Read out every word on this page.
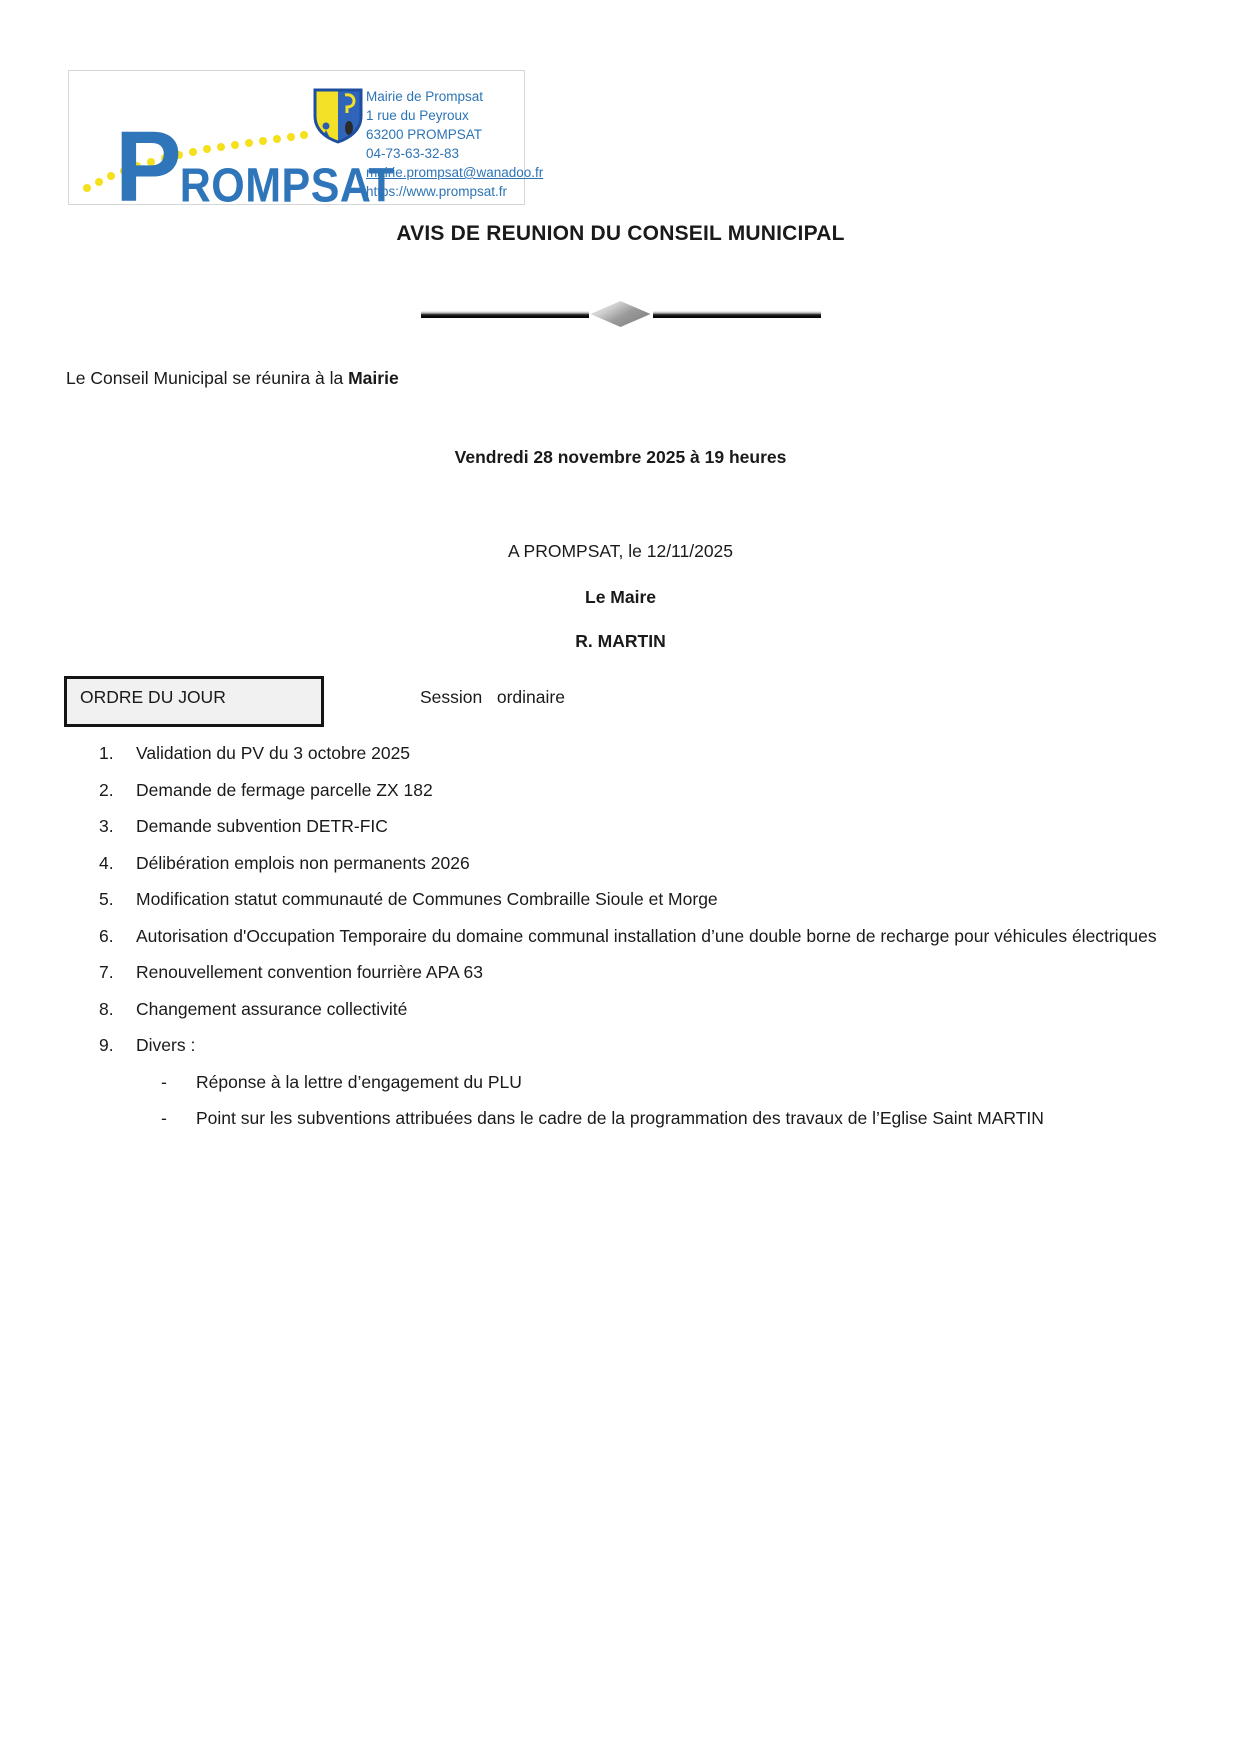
P ROMPSAT
Mairie de Prompsat
1 rue du Peyroux
63200 PROMPSAT
04-73-63-32-83
mairie.prompsat@wanadoo.fr
https://www.prompsat.fr
AVIS DE REUNION DU CONSEIL MUNICIPAL
Le Conseil Municipal se réunira à la Mairie
Vendredi 28 novembre 2025 à 19 heures
A PROMPSAT, le 12/11/2025
Le Maire
R. MARTIN
ORDRE DU JOUR	Session   ordinaire
1.	Validation du PV du 3 octobre 2025
2.	Demande de fermage parcelle ZX 182
3.	Demande subvention DETR-FIC
4.	Délibération emplois non permanents 2026
5.	Modification statut communauté de Communes Combraille Sioule et Morge
6.	Autorisation d'Occupation Temporaire du domaine communal installation d’une double borne de recharge pour véhicules électriques
7.	Renouvellement convention fourrière APA 63
8.	Changement assurance collectivité
9.	Divers :
-	Réponse à la lettre d’engagement du PLU
-	Point sur les subventions attribuées dans le cadre de la programmation des travaux de l’Eglise Saint MARTIN
